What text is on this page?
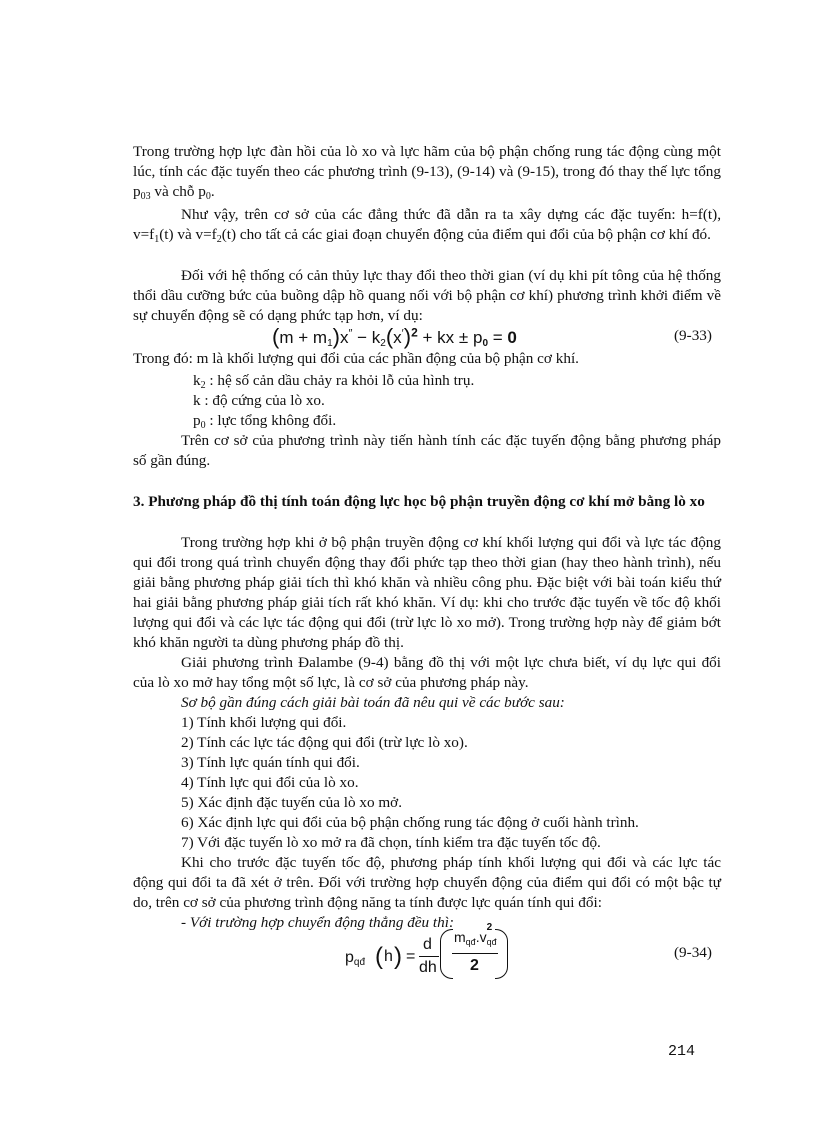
Trong trường hợp lực đàn hồi của lò xo và lực hãm của bộ phận chống rung tác động cùng một lúc, tính các đặc tuyến theo các phương trình (9-13), (9-14) và (9-15), trong đó thay thế lực tổng $p_{03}$ và chỗ $p_0$.

Như vậy, trên cơ sở của các đẳng thức đã dẫn ra ta xây dựng các đặc tuyến: h=f(t), $v=f_1(t)$ và $v=f_2(t)$ cho tất cả các giai đoạn chuyển động của điểm qui đổi của bộ phận cơ khí đó.

Đối với hệ thống có cản thủy lực thay đổi theo thời gian (ví dụ khi pít tông của hệ thống thổi dầu cưỡng bức của buồng dập hồ quang nối với bộ phận cơ khí) phương trình khởi điểm về sự chuyển động sẽ có dạng phức tạp hơn, ví dụ:

$(m + m_1)x'' - k_2(x')^2$ + kx ± $p_0 = 0$	(9-33)

Trong đó: m là khối lượng qui đổi của các phần động của bộ phận cơ khí.

$k_2$ : hệ số cản dầu chảy ra khỏi lỗ của hình trụ.

k : độ cứng của lò xo.

$p_0$ : lực tổng không đổi.

Trên cơ sở của phương trình này tiến hành tính các đặc tuyến động bằng phương pháp số gần đúng.

3. Phương pháp đồ thị tính toán động lực học bộ phận truyền động cơ khí mở bằng lò xo

Trong trường hợp khi ở bộ phận truyền động cơ khí khối lượng qui đổi và lực tác động qui đổi trong quá trình chuyển động thay đổi phức tạp theo thời gian (hay theo hành trình), nếu giải bằng phương pháp giải tích thì khó khăn và nhiều công phu. Đặc biệt với bài toán kiểu thứ hai giải bằng phương pháp giải tích rất khó khăn. Ví dụ: khi cho trước đặc tuyến về tốc độ khối lượng qui đổi và các lực tác động qui đổi (trừ lực lò xo mở). Trong trường hợp này để giảm bớt khó khăn người ta dùng phương pháp đồ thị.

Giải phương trình Đalambe (9-4) bằng đồ thị với một lực chưa biết, ví dụ lực qui đổi của lò xo mở hay tổng một số lực, là cơ sở của phương pháp này.

Sơ bộ gần đúng cách giải bài toán đã nêu qui về các bước sau:

1) Tính khối lượng qui đổi.
2) Tính các lực tác động qui đổi (trừ lực lò xo).
3) Tính lực quán tính qui đổi.
4) Tính lực qui đổi của lò xo.
5) Xác định đặc tuyến của lò xo mở.
6) Xác định lực qui đổi của bộ phận chống rung tác động ở cuối hành trình.
7) Với đặc tuyến lò xo mở ra đã chọn, tính kiểm tra đặc tuyến tốc độ.

Khi cho trước đặc tuyến tốc độ, phương pháp tính khối lượng qui đổi và các lực tác động qui đổi ta đã xét ở trên. Đối với trường hợp chuyển động của điểm qui đổi có một bậc tự do, trên cơ sở của phương trình động năng ta tính được lực quán tính qui đổi:

- Với trường hợp chuyển động thẳng đều thì:

$p_{qđ}$ ( h ) =
d
dh
$m_{qđ}.v$
2
qđ
2
(9-34)
214
